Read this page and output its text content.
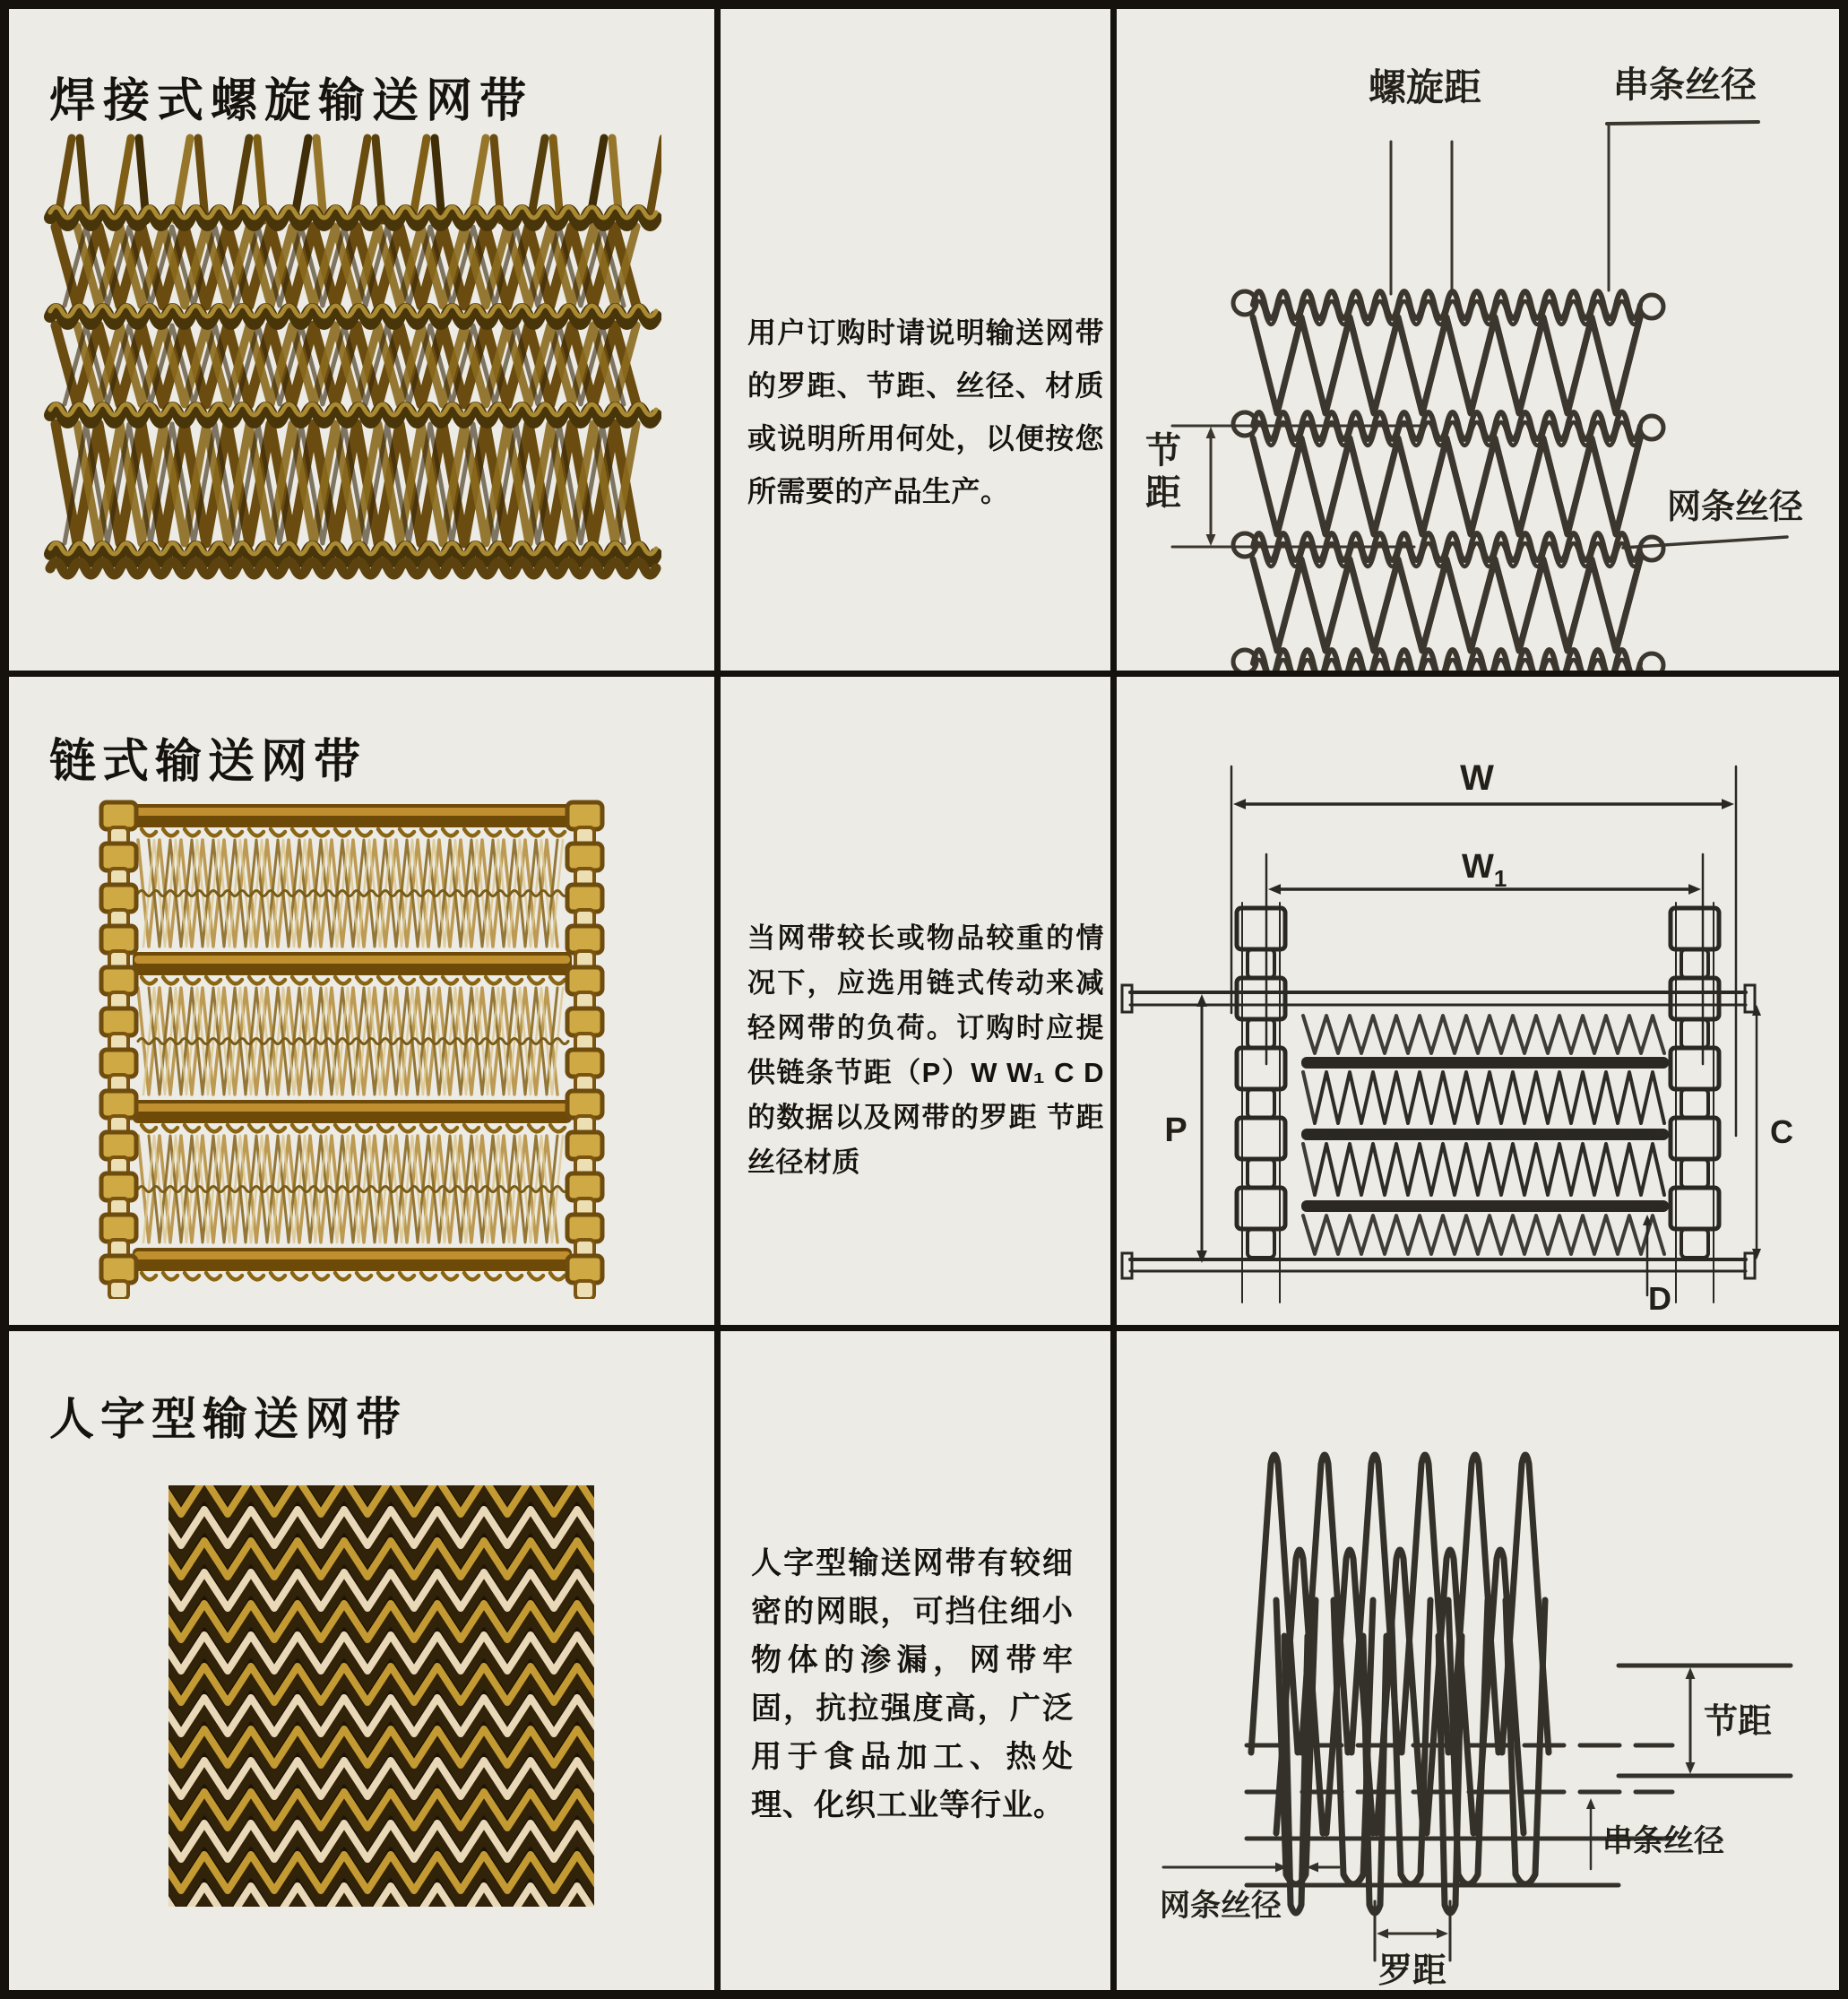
焊接式螺旋输送网带

用户订购时请说明输送网带的罗距、节距、丝径、材质或说明所用何处，以便按您所需要的产品生产。

节
距
螺旋距	串条丝径
网条丝径
链式输送网带

当网带较长或物品较重的情况下，应选用链式传动来减轻网带的负荷。订购时应提供链条节距（P）W W₁ C D的数据以及网带的罗距 节距 丝径材质

W
$W_1$
P	C
D
人字型输送网带

人字型输送网带有较细密的网眼，可挡住细小物体的渗漏，网带牢固，抗拉强度高，广泛用于食品加工、热处理、化织工业等行业。

节距
串条丝径
网条丝径
罗距
